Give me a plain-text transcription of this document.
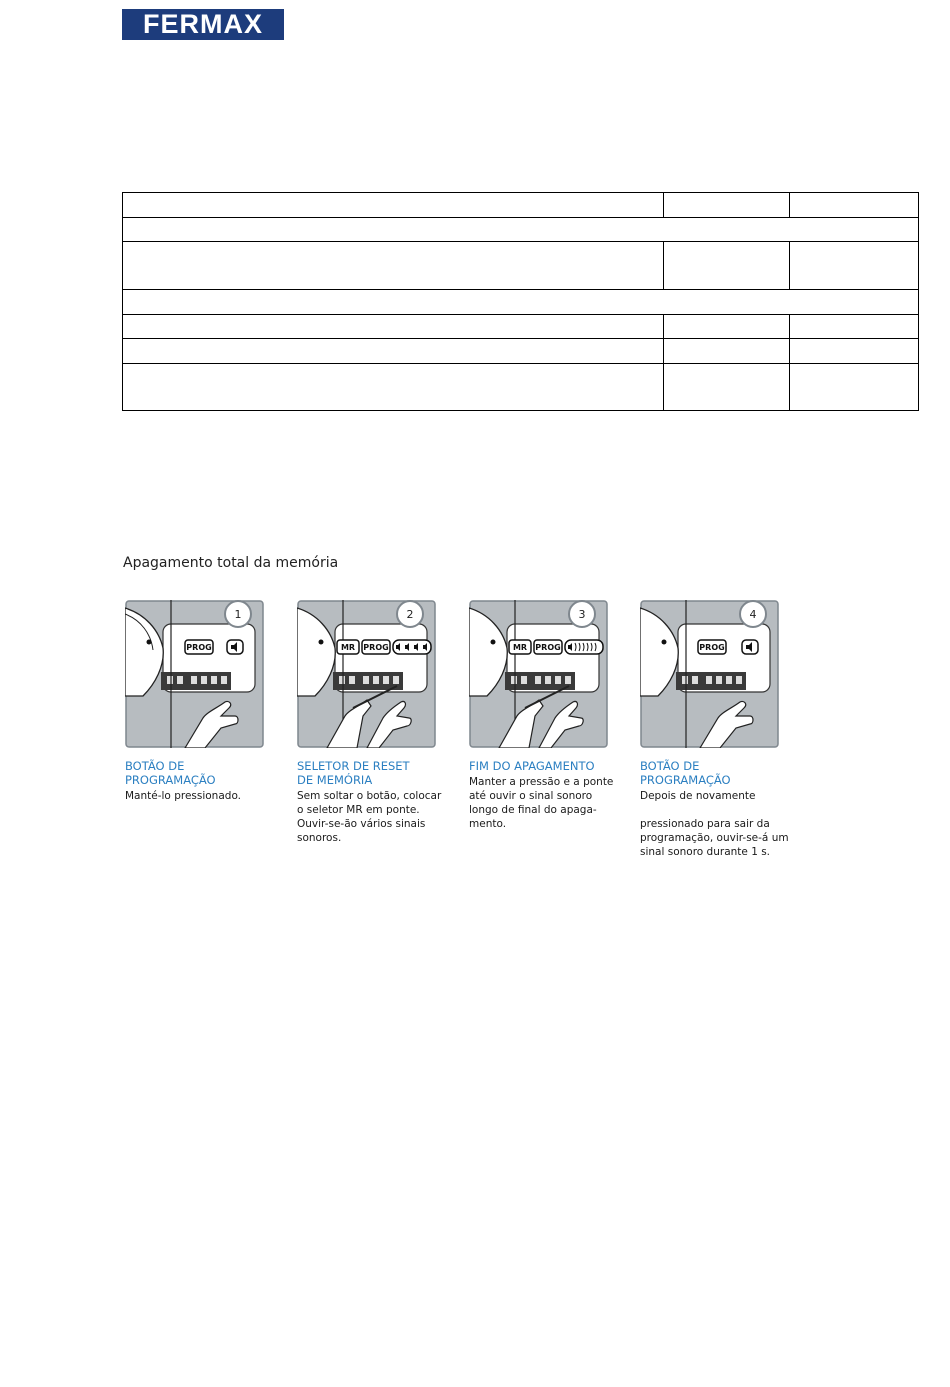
FERMAX

Apagamento total da memória
PROG
1
BOTÃO DE
PROGRAMAÇÃO
Manté-lo pressionado.
MR PROG
2
SELETOR DE RESET
DE MEMÓRIA
Sem soltar o botão, colocar
o seletor MR em ponte.
Ouvir-se-ão vários sinais
sonoros.
MR PROG
3
FIM DO APAGAMENTO
Manter a pressão e a ponte
até ouvir o sinal sonoro
longo de final do apaga-
mento.
PROG
4
BOTÃO DE
PROGRAMAÇÃO
Depois de novamente

pressionado para sair da
programação, ouvir-se-á um
sinal sonoro durante 1 s.
